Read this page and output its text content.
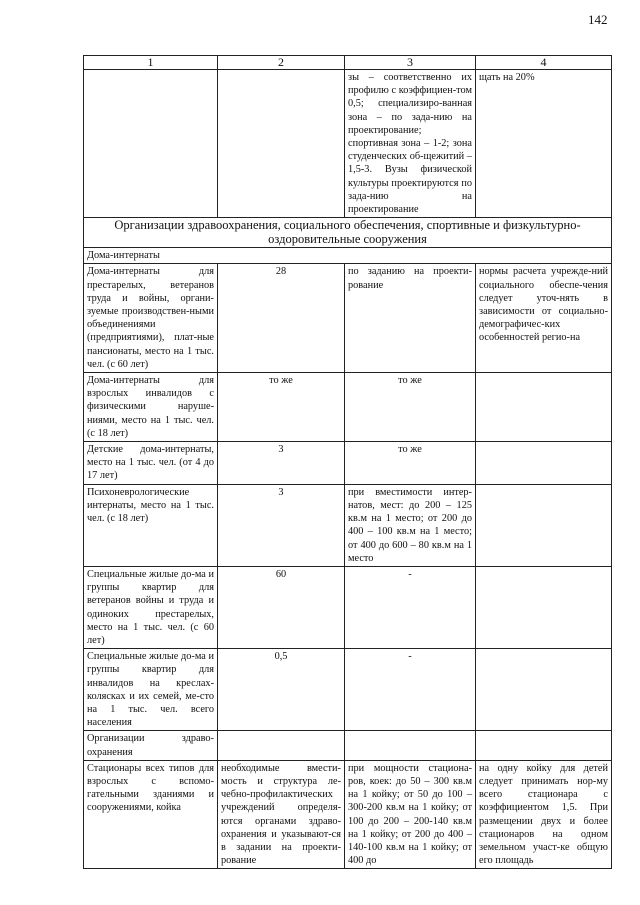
142
1	2	3	4
		зы – соответственно их профилю с коэффициен-том 0,5; специализиро-ванная зона – по зада-нию на проектирование; спортивная зона – 1-2; зона студенческих об-щежитий – 1,5-3. Вузы физической культуры проектируются по зада-нию на проектирование	щать на 20%
Организации здравоохранения, социального обеспечения, спортивные и физкультурно-оздоровительные сооружения			
Дома-интернаты			
Дома-интернаты для престарелых, ветеранов труда и войны, органи-зуемые производствен-ными объединениями (предприятиями), плат-ные пансионаты, место на 1 тыс. чел. (с 60 лет)	28	по заданию на проекти-рование	нормы расчета учрежде-ний социального обеспе-чения следует уточ-нять в зависимости от социально-демографичес-ких особенностей регио-на
Дома-интернаты для взрослых инвалидов с физическими наруше-ниями, место на 1 тыс. чел. (с 18 лет)	то же	то же	
Детские дома-интернаты, место на 1 тыс. чел. (от 4 до 17 лет)	3	то же	
Психоневрологические интернаты, место на 1 тыс. чел. (с 18 лет)	3	при вместимости интер-натов, мест: до 200 – 125 кв.м на 1 место; от 200 до 400 – 100 кв.м на 1 место; от 400 до 600 – 80 кв.м на 1 место	
Специальные жилые до-ма и группы квартир для ветеранов войны и труда и одиноких престарелых, место на 1 тыс. чел. (с 60 лет)	60	-	
Специальные жилые до-ма и группы квартир для инвалидов на креслах-колясках и их семей, ме-сто на 1 тыс. чел. всего населения	0,5	-	
Организации здраво-охранения			
Стационары всех типов для взрослых с вспомо-гательными зданиями и сооружениями, койка	необходимые вмести-мость и структура ле-чебно-профилактических учреждений определя-ются органами здраво-охранения и указывают-ся в задании на проекти-рование	при мощности стациона-ров, коек: до 50 – 300 кв.м на 1 койку; от 50 до 100 – 300-200 кв.м на 1 койку; от 100 до 200 – 200-140 кв.м на 1 койку; от 200 до 400 – 140-100 кв.м на 1 койку; от 400 до	на одну койку для детей следует принимать нор-му всего стационара с коэффициентом 1,5. При размещении двух и более стационаров на одном земельном участ-ке общую его площадь
